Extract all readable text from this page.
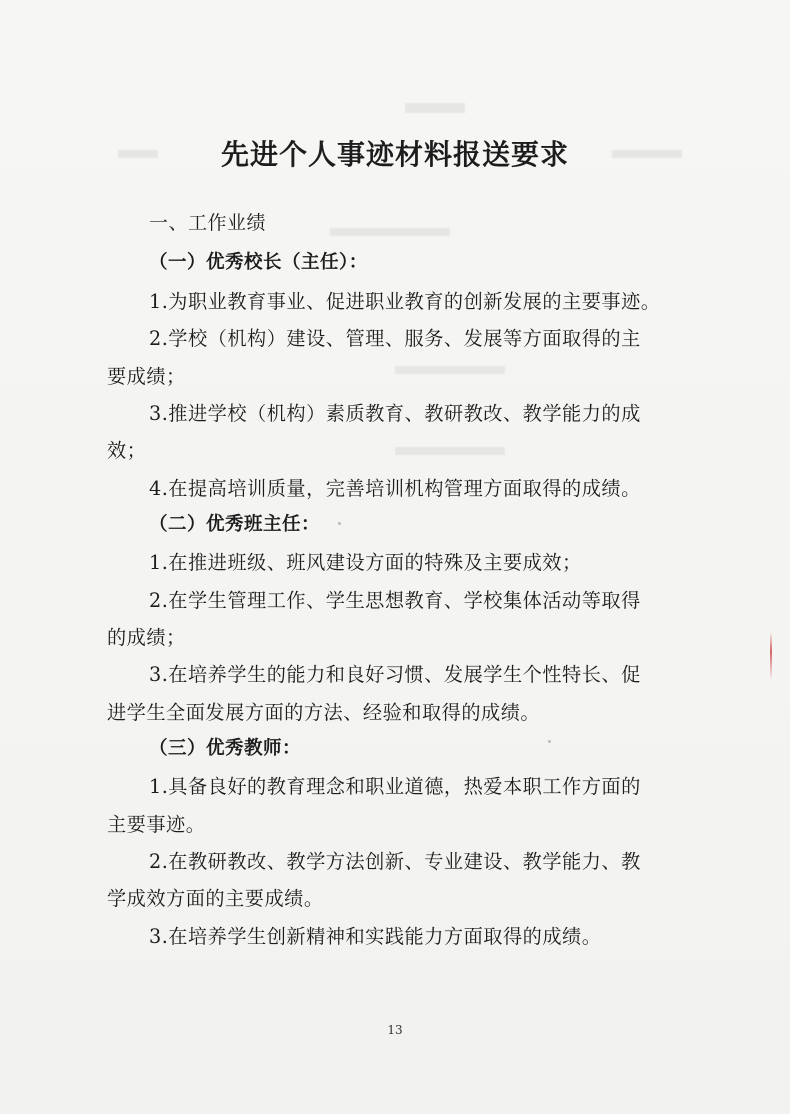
先进个人事迹材料报送要求
一、工作业绩
（一）优秀校长（主任）：
1.为职业教育事业、促进职业教育的创新发展的主要事迹。
2.学校（机构）建设、管理、服务、发展等方面取得的主
要成绩；
3.推进学校（机构）素质教育、教研教改、教学能力的成
效；
4.在提高培训质量，完善培训机构管理方面取得的成绩。
（二）优秀班主任：
1.在推进班级、班风建设方面的特殊及主要成效；
2.在学生管理工作、学生思想教育、学校集体活动等取得
的成绩；
3.在培养学生的能力和良好习惯、发展学生个性特长、促
进学生全面发展方面的方法、经验和取得的成绩。
（三）优秀教师：
1.具备良好的教育理念和职业道德，热爱本职工作方面的
主要事迹。
2.在教研教改、教学方法创新、专业建设、教学能力、教
学成效方面的主要成绩。
3.在培养学生创新精神和实践能力方面取得的成绩。
13
